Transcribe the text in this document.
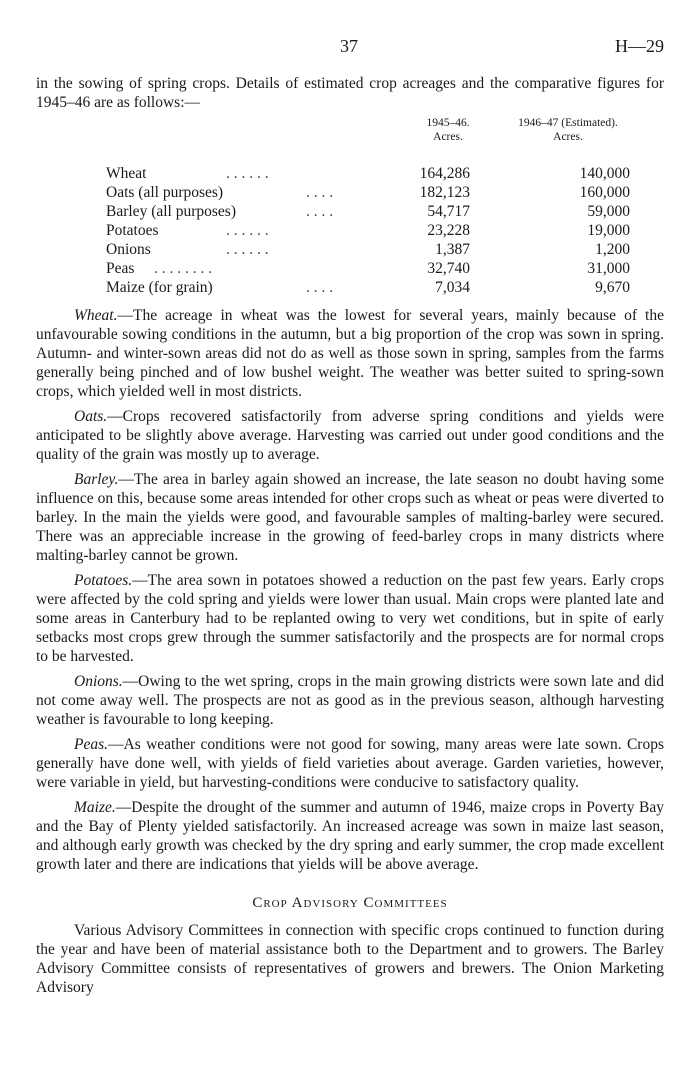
37	H—29

in the sowing of spring crops. Details of estimated crop acreages and the comparative figures for 1945–46 are as follows:—

1945–46.
Acres.
1946–47 (Estimated).
Acres.
Wheat	. . . . . .	164,286	140,000
Oats (all purposes)	. . . .	182,123	160,000
Barley (all purposes)	. . . .	54,717	59,000
Potatoes	. . . . . .	23,228	19,000
Onions	. . . . . .	1,387	1,200
Peas . . . . . . . .	32,740	31,000
Maize (for grain)	. . . .	7,034	9,670

Wheat.—The acreage in wheat was the lowest for several years, mainly because of the unfavourable sowing conditions in the autumn, but a big proportion of the crop was sown in spring. Autumn- and winter-sown areas did not do as well as those sown in spring, samples from the farms generally being pinched and of low bushel weight. The weather was better suited to spring-sown crops, which yielded well in most districts.

Oats.—Crops recovered satisfactorily from adverse spring conditions and yields were anticipated to be slightly above average. Harvesting was carried out under good conditions and the quality of the grain was mostly up to average.

Barley.—The area in barley again showed an increase, the late season no doubt having some influence on this, because some areas intended for other crops such as wheat or peas were diverted to barley. In the main the yields were good, and favourable samples of malting-barley were secured. There was an appreciable increase in the growing of feed-barley crops in many districts where malting-barley cannot be grown.

Potatoes.—The area sown in potatoes showed a reduction on the past few years. Early crops were affected by the cold spring and yields were lower than usual. Main crops were planted late and some areas in Canterbury had to be replanted owing to very wet conditions, but in spite of early setbacks most crops grew through the summer satisfactorily and the prospects are for normal crops to be harvested.

Onions.—Owing to the wet spring, crops in the main growing districts were sown late and did not come away well. The prospects are not as good as in the previous season, although harvesting weather is favourable to long keeping.

Peas.—As weather conditions were not good for sowing, many areas were late sown. Crops generally have done well, with yields of field varieties about average. Garden varieties, however, were variable in yield, but harvesting-conditions were conducive to satisfactory quality.

Maize.—Despite the drought of the summer and autumn of 1946, maize crops in Poverty Bay and the Bay of Plenty yielded satisfactorily. An increased acreage was sown in maize last season, and although early growth was checked by the dry spring and early summer, the crop made excellent growth later and there are indications that yields will be above average.

Crop Advisory Committees

Various Advisory Committees in connection with specific crops continued to function during the year and have been of material assistance both to the Department and to growers. The Barley Advisory Committee consists of representatives of growers and brewers. The Onion Marketing Advisory
